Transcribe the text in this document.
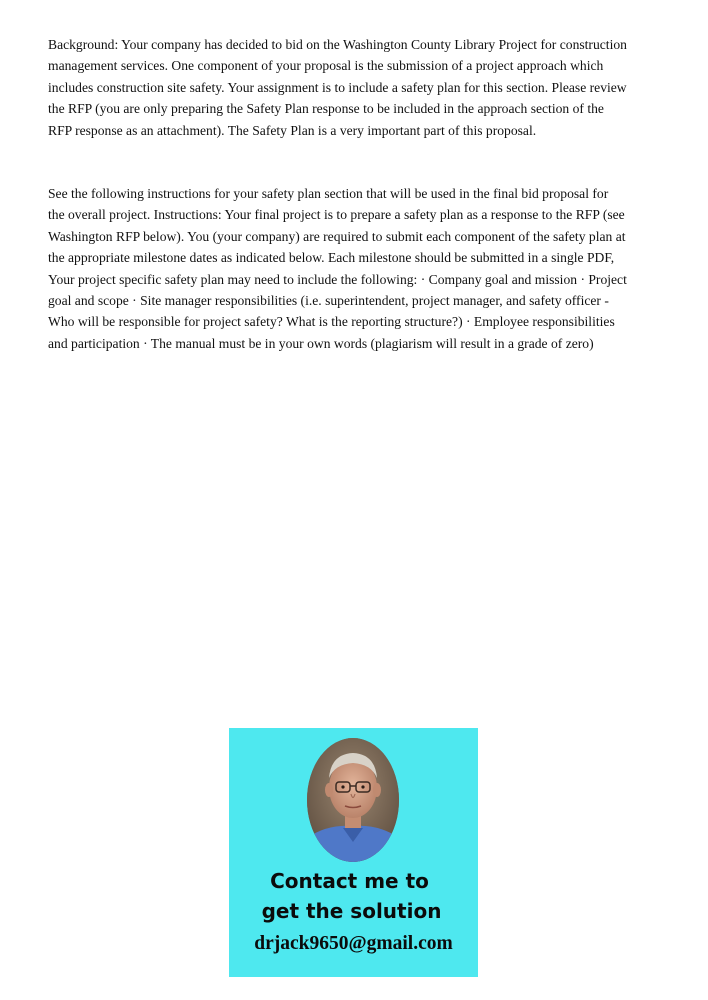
Background: Your company has decided to bid on the Washington County Library Project for construction management services. One component of your proposal is the submission of a project approach which includes construction site safety. Your assignment is to include a safety plan for this section. Please review the RFP (you are only preparing the Safety Plan response to be included in the approach section of the RFP response as an attachment). The Safety Plan is a very important part of this proposal.

See the following instructions for your safety plan section that will be used in the final bid proposal for the overall project. Instructions: Your final project is to prepare a safety plan as a response to the RFP (see Washington RFP below). You (your company) are required to submit each component of the safety plan at the appropriate milestone dates as indicated below. Each milestone should be submitted in a single PDF, Your project specific safety plan may need to include the following: · Company goal and mission · Project goal and scope · Site manager responsibilities (i.e. superintendent, project manager, and safety officer - Who will be responsible for project safety? What is the reporting structure?) · Employee responsibilities and participation · The manual must be in your own words (plagiarism will result in a grade of zero)

Contact me to
get the solution
drjack9650@gmail.com
